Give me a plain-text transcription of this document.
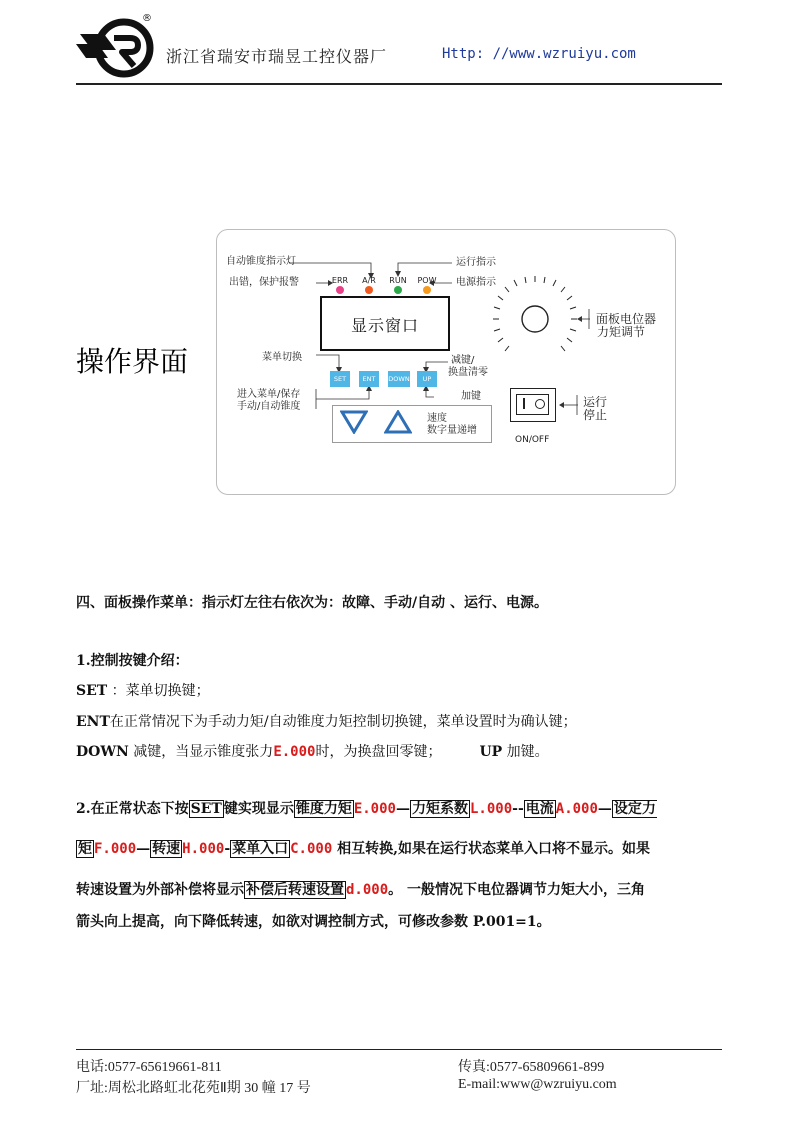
®
浙江省瑞安市瑞昱工控仪器厂	Http: //www.wzruiyu.com
操作界面
自动锥度指示灯
出错，保护报警
运行指示
电源指示
ERR	A/R	RUN	POW
显示窗口
菜单切换	减键/
换盘清零
进入菜单/保存
手动/自动锥度
加键
SET	ENT	DOWN	UP
速度
数字量递增
面板电位器
力矩调节
运行
停止
ON/OFF
四、面板操作菜单：指示灯左往右依次为：故障、手动/自动 、运行、电源。
1.控制按键介绍：
SET ：菜单切换键；
ENT在正常情况下为手动力矩/自动锥度力矩控制切换键，菜单设置时为确认键；
DOWN 减键，当显示锥度张力E.000时，为换盘回零键；	UP 加键。
2.在正常状态下按 SET 键实现显示 锥度力矩 E.000— 力矩系数 L.000-- 电流 A.000— 设定力
矩 F.000— 转速 H.000- 菜单入口 C.000 相互转换,如果在运行状态菜单入口将不显示。如果
转速设置为外部补偿将显示 补偿后转速设置 d.000。 一般情况下电位器调节力矩大小，三角
箭头向上提高，向下降低转速，如欲对调控制方式，可修改参数 P.001=1。
电话:0577-65619661-811
厂址:周松北路虹北花苑Ⅱ期 30 幢 17 号
传真:0577-65809661-899
E-mail:www@wzruiyu.com
